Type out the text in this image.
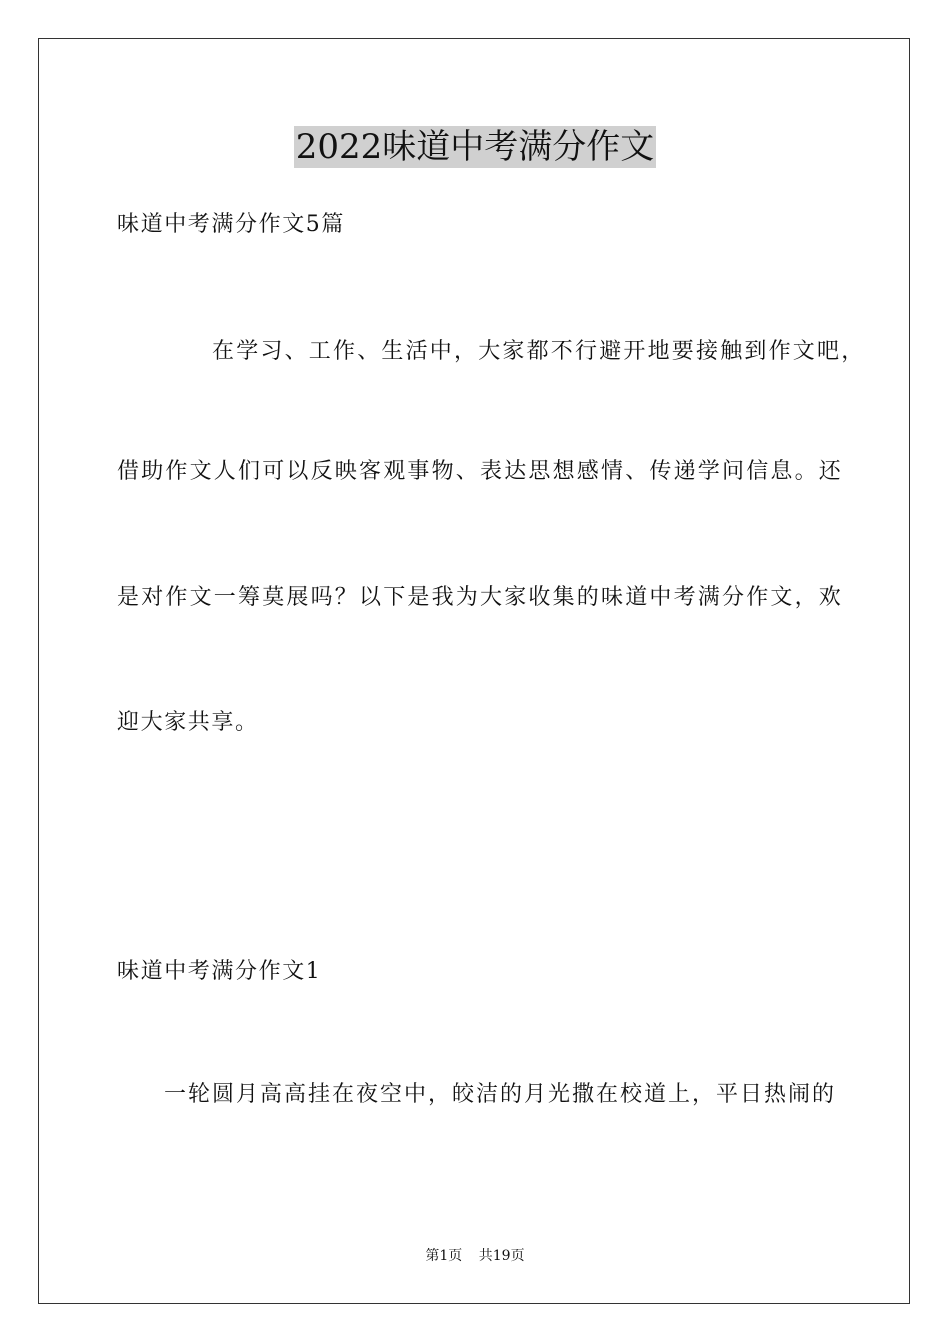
2022味道中考满分作文
味道中考满分作文5篇
在学习、工作、生活中，大家都不行避开地要接触到作文吧，
借助作文人们可以反映客观事物、表达思想感情、传递学问信息。还
是对作文一筹莫展吗？以下是我为大家收集的味道中考满分作文，欢
迎大家共享。
味道中考满分作文1
一轮圆月高高挂在夜空中，皎洁的月光撒在校道上，平日热闹的
第1页 共19页
